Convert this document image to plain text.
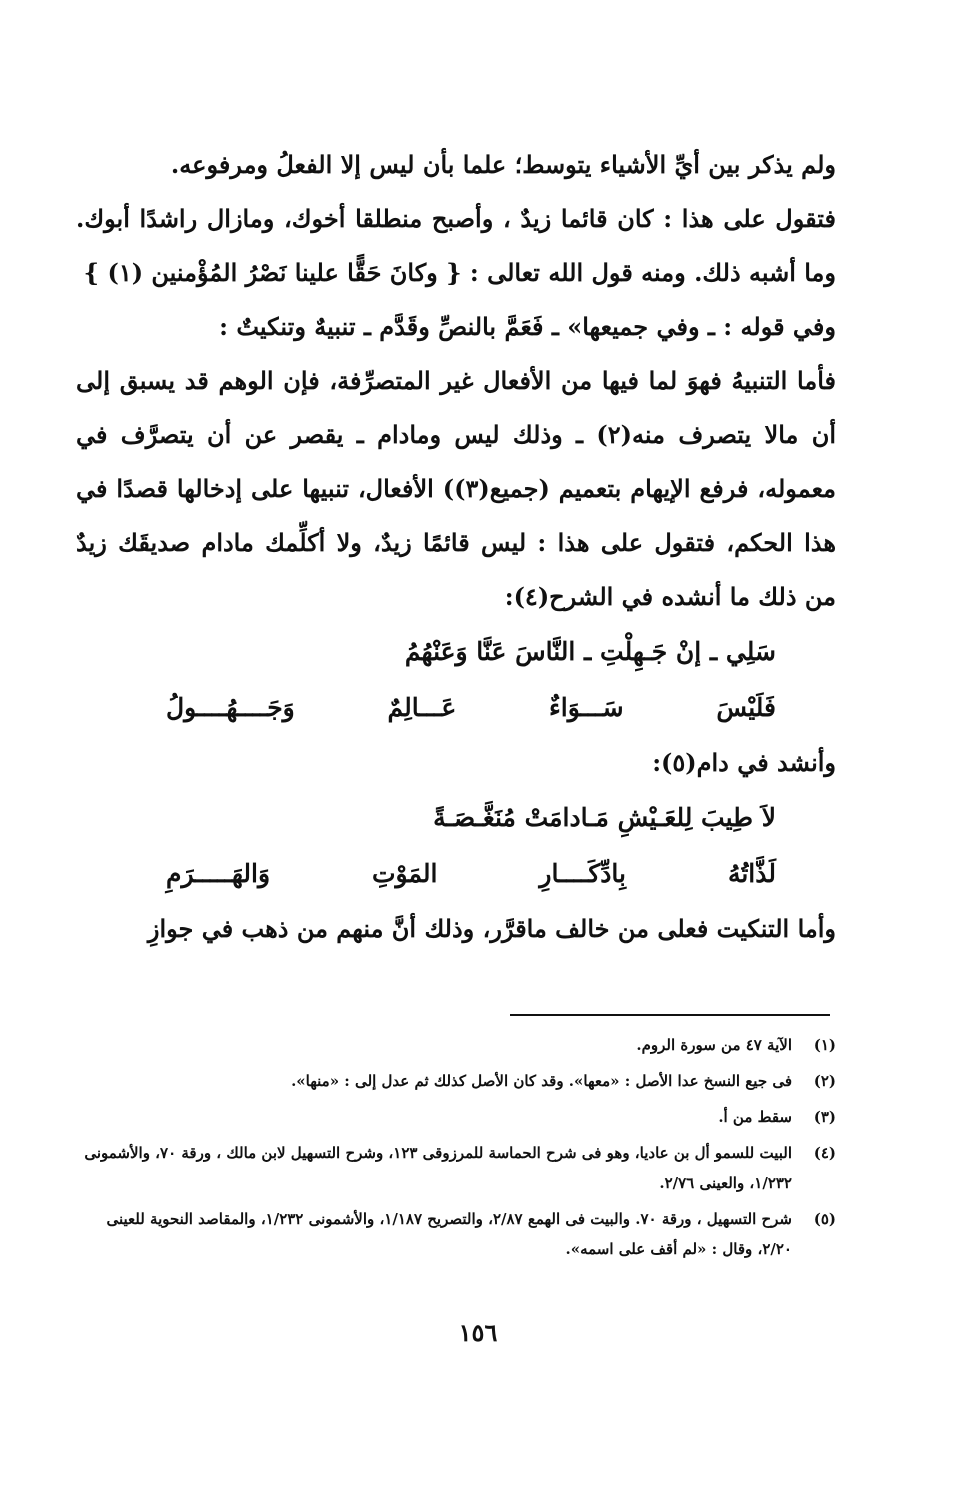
ولم يذكر بين أيِّ الأشياء يتوسط؛ علما بأن ليس إلا الفعلُ ومرفوعه.

فتقول على هذا : كان قائما زيدٌ ، وأصبح منطلقا أخوك، ومازال راشدًا أبوك. وما أشبه ذلك. ومنه قول الله تعالى : { وكانَ حَقًّا علينا نَصْرُ المُؤْمنين (١) }

وفي قوله : ـ وفي جميعها» ـ فَعَمَّ بالنصِّ وقَدَّم ـ تنبيهٌ وتنكيتٌ :

فأما التنبيهُ فهوَ لما فيها من الأفعال غير المتصرِّفة، فإن الوهم قد يسبق إلى أن مالا يتصرف منه(٢) ـ وذلك ليس ومادام ـ يقصر عن أن يتصرَّف في معموله، فرفع الإيهام بتعميم (جميع(٣)) الأفعال، تنبيها على إدخالها قصدًا في هذا الحكم، فتقول على هذا : ليس قائمًا زيدٌ، ولا أكلِّمك مادام صديقَك زيدٌ من ذلك ما أنشده في الشرح(٤):

سَلِي ـ إنْ جَـهِلْتِ ـ النَّاسَ عَنَّا وَعَنْهُمُ

فَلَيْسَ سَـــوَاءٌ عَـــالِمٌ وَجَــــهُــــولُ

وأنشد في دام(٥):

لاَ طِيبَ لِلعَـيْشِ مَـادامَتْ مُنَغَّـصَـةً

لَذَّاتُهُ بِادِّكَــــارِ المَوْتِ وَالهَـــــرَمِ

وأما التنكيت فعلى من خالف ماقرَّر، وذلك أنَّ منهم من ذهب في جوازِ

(١)
الآية ٤٧ من سورة الروم.
(٢)
فى جيع النسخ عدا الأصل : «معها». وقد كان الأصل كذلك ثم عدل إلى : «منها».
(٣)
سقط من أ.
(٤)
البيت للسمو أل بن عاديا، وهو فى شرح الحماسة للمرزوقى ١٢٣، وشرح التسهيل لابن مالك ، ورقة ٧٠، والأشمونى ١/٢٣٢، والعينى ٢/٧٦.
(٥)
شرح التسهيل ، ورقة ٧٠. والبيت فى الهمع ٢/٨٧، والتصريح ١/١٨٧، والأشمونى ١/٢٣٢، والمقاصد النحوية للعينى ٢/٢٠، وقال : «لم أقف على اسمه».
١٥٦
